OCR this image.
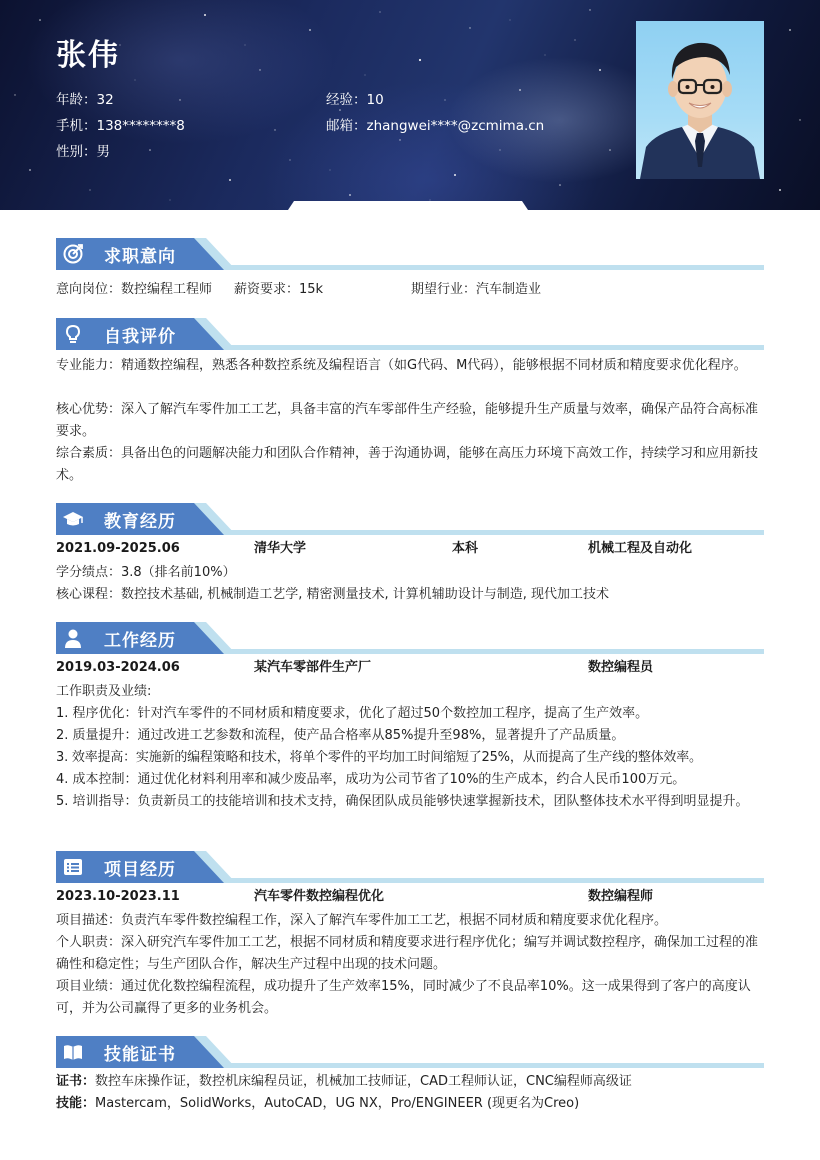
张伟
年龄：32	经验：10
手机：138********8	邮箱：zhangwei****@zcmima.cn
性别：男
求职意向
意向岗位：数控编程工程师 薪资要求：15k	期望行业：汽车制造业
自我评价
专业能力：精通数控编程，熟悉各种数控系统及编程语言（如G代码、M代码），能够根据不同材质和精度要求优化程序。
核心优势：深入了解汽车零件加工工艺，具备丰富的汽车零部件生产经验，能够提升生产质量与效率，确保产品符合高标准要求。
综合素质：具备出色的问题解决能力和团队合作精神，善于沟通协调，能够在高压力环境下高效工作，持续学习和应用新技术。
教育经历
2021.09-2025.06	清华大学	本科	机械工程及自动化
学分绩点：3.8（排名前10%）
核心课程：数控技术基础, 机械制造工艺学, 精密测量技术, 计算机辅助设计与制造, 现代加工技术
工作经历
2019.03-2024.06	某汽车零部件生产厂	数控编程员
工作职责及业绩:
1. 程序优化：针对汽车零件的不同材质和精度要求，优化了超过50个数控加工程序，提高了生产效率。
2. 质量提升：通过改进工艺参数和流程，使产品合格率从85%提升至98%，显著提升了产品质量。
3. 效率提高：实施新的编程策略和技术，将单个零件的平均加工时间缩短了25%，从而提高了生产线的整体效率。
4. 成本控制：通过优化材料利用率和减少废品率，成功为公司节省了10%的生产成本，约合人民币100万元。
5. 培训指导：负责新员工的技能培训和技术支持，确保团队成员能够快速掌握新技术，团队整体技术水平得到明显提升。
项目经历
2023.10-2023.11	汽车零件数控编程优化	数控编程师
项目描述：负责汽车零件数控编程工作，深入了解汽车零件加工工艺，根据不同材质和精度要求优化程序。
个人职责：深入研究汽车零件加工工艺，根据不同材质和精度要求进行程序优化；编写并调试数控程序，确保加工过程的准确性和稳定性；与生产团队合作，解决生产过程中出现的技术问题。
项目业绩：通过优化数控编程流程，成功提升了生产效率15%，同时减少了不良品率10%。这一成果得到了客户的高度认可，并为公司赢得了更多的业务机会。
技能证书
证书：数控车床操作证，数控机床编程员证，机械加工技师证，CAD工程师认证，CNC编程师高级证
技能：Mastercam，SolidWorks，AutoCAD，UG NX，Pro/ENGINEER (现更名为Creo)
